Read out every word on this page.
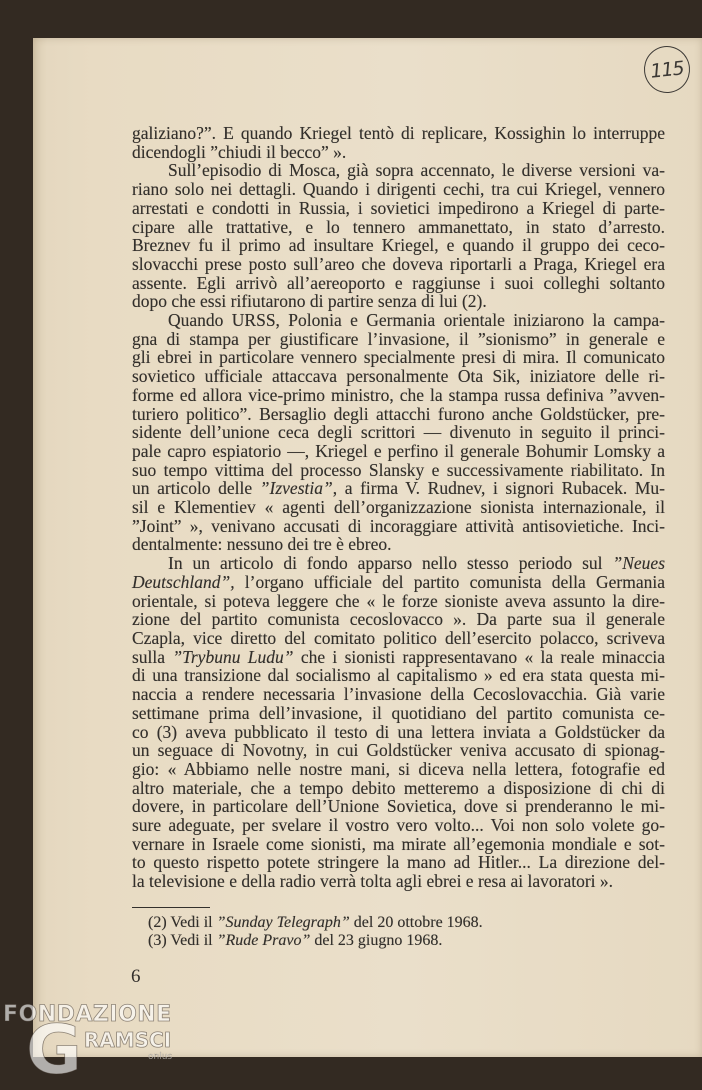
115
galiziano?”. E quando Kriegel tentò di replicare, Kossighin lo interruppe
dicendogli ”chiudi il becco” ».
Sull’episodio di Mosca, già sopra accennato, le diverse versioni va-
riano solo nei dettagli. Quando i dirigenti cechi, tra cui Kriegel, vennero
arrestati e condotti in Russia, i sovietici impedirono a Kriegel di parte-
cipare alle trattative, e lo tennero ammanettato, in stato d’arresto.
Breznev fu il primo ad insultare Kriegel, e quando il gruppo dei ceco-
slovacchi prese posto sull’areo che doveva riportarli a Praga, Kriegel era
assente. Egli arrivò all’aereoporto e raggiunse i suoi colleghi soltanto
dopo che essi rifiutarono di partire senza di lui (2).
Quando URSS, Polonia e Germania orientale iniziarono la campa-
gna di stampa per giustificare l’invasione, il ”sionismo” in generale e
gli ebrei in particolare vennero specialmente presi di mira. Il comunicato
sovietico ufficiale attaccava personalmente Ota Sik, iniziatore delle ri-
forme ed allora vice-primo ministro, che la stampa russa definiva ”avven-
turiero politico”. Bersaglio degli attacchi furono anche Goldstücker, pre-
sidente dell’unione ceca degli scrittori — divenuto in seguito il princi-
pale capro espiatorio —, Kriegel e perfino il generale Bohumir Lomsky a
suo tempo vittima del processo Slansky e successivamente riabilitato. In
un articolo delle ”Izvestia”, a firma V. Rudnev, i signori Rubacek. Mu-
sil e Klementiev « agenti dell’organizzazione sionista internazionale, il
”Joint” », venivano accusati di incoraggiare attività antisovietiche. Inci-
dentalmente: nessuno dei tre è ebreo.
In un articolo di fondo apparso nello stesso periodo sul ”Neues
Deutschland”, l’organo ufficiale del partito comunista della Germania
orientale, si poteva leggere che « le forze sioniste aveva assunto la dire-
zione del partito comunista cecoslovacco ». Da parte sua il generale
Czapla, vice diretto del comitato politico dell’esercito polacco, scriveva
sulla ”Trybunu Ludu” che i sionisti rappresentavano « la reale minaccia
di una transizione dal socialismo al capitalismo » ed era stata questa mi-
naccia a rendere necessaria l’invasione della Cecoslovacchia. Già varie
settimane prima dell’invasione, il quotidiano del partito comunista ce-
co (3) aveva pubblicato il testo di una lettera inviata a Goldstücker da
un seguace di Novotny, in cui Goldstücker veniva accusato di spionag-
gio: « Abbiamo nelle nostre mani, si diceva nella lettera, fotografie ed
altro materiale, che a tempo debito metteremo a disposizione di chi di
dovere, in particolare dell’Unione Sovietica, dove si prenderanno le mi-
sure adeguate, per svelare il vostro vero volto... Voi non solo volete go-
vernare in Israele come sionisti, ma mirate all’egemonia mondiale e sot-
to questo rispetto potete stringere la mano ad Hitler... La direzione del-
la televisione e della radio verrà tolta agli ebrei e resa ai lavoratori ».
(2) Vedi il ”Sunday Telegraph” del 20 ottobre 1968.
(3) Vedi il ”Rude Pravo” del 23 giugno 1968.
6
FONDAZIONE
GRAMSCI
onlus
